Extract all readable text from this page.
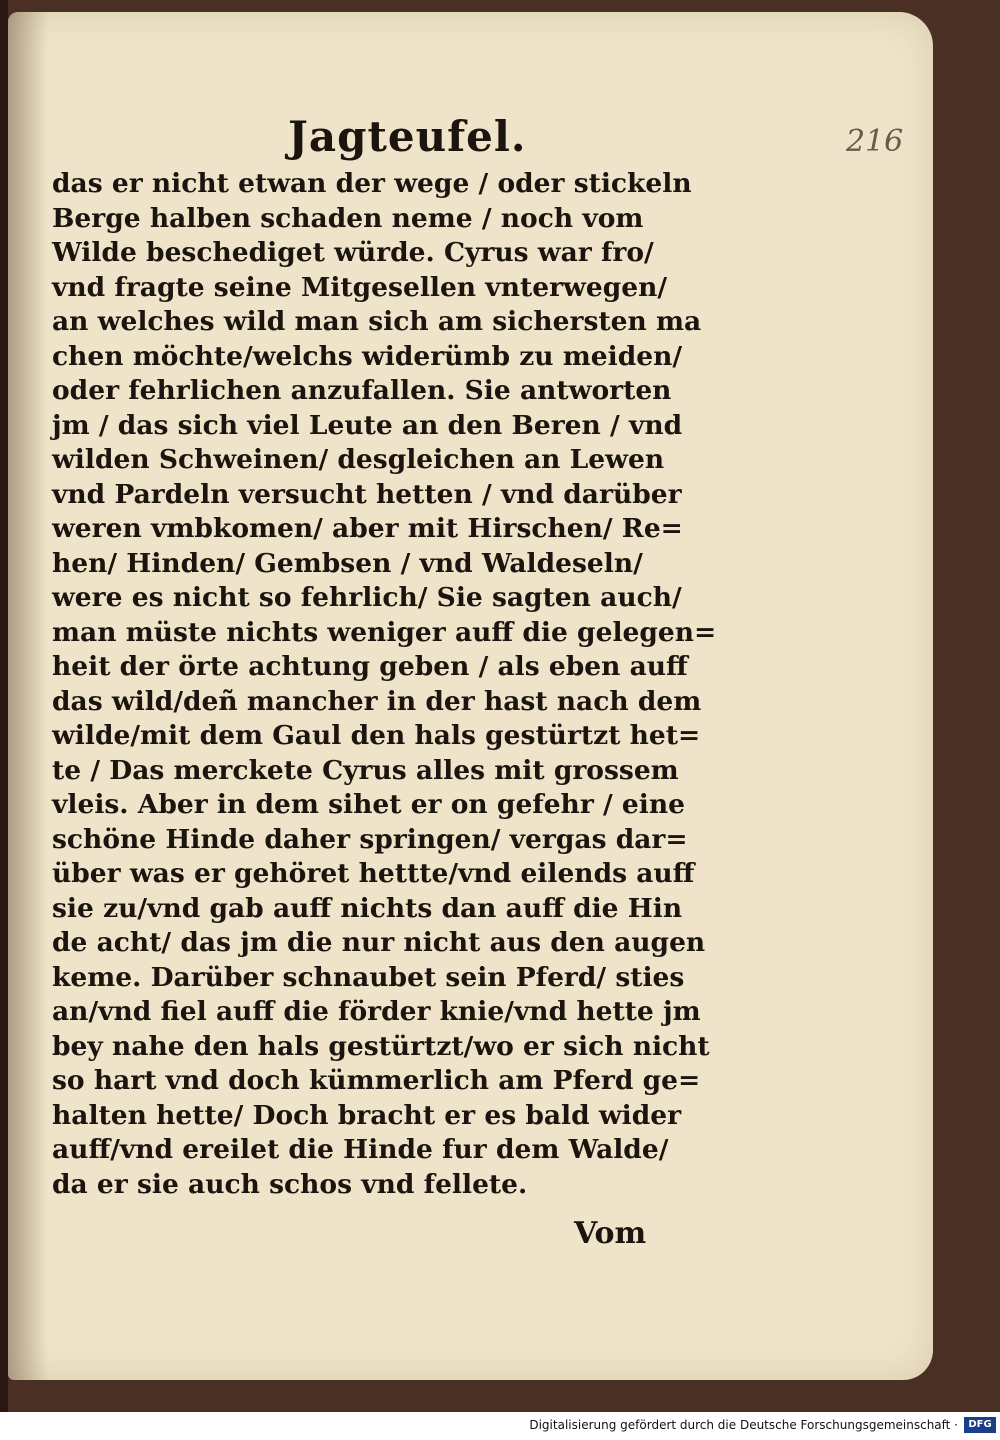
Jagteufel.	216
das er nicht etwan der wege / oder stickeln
Berge halben schaden neme / noch vom
Wilde beschediget würde. Cyrus war fro/
vnd fragte seine Mitgesellen vnterwegen/
an welches wild man sich am sichersten ma
chen möchte/welchs widerümb zu meiden/
oder fehrlichen anzufallen. Sie antworten
jm / das sich viel Leute an den Beren / vnd
wilden Schweinen/ desgleichen an Lewen
vnd Pardeln versucht hetten / vnd darüber
weren vmbkomen/ aber mit Hirschen/ Re=
hen/ Hinden/ Gembsen / vnd Waldeseln/
were es nicht so fehrlich/ Sie sagten auch/
man müste nichts weniger auff die gelegen=
heit der örte achtung geben / als eben auff
das wild/deñ mancher in der hast nach dem
wilde/mit dem Gaul den hals gestürtzt het=
te / Das merckete Cyrus alles mit grossem
vleis. Aber in dem sihet er on gefehr / eine
schöne Hinde daher springen/ vergas dar=
über was er gehöret hettte/vnd eilends auff
sie zu/vnd gab auff nichts dan auff die Hin
de acht/ das jm die nur nicht aus den augen
keme. Darüber schnaubet sein Pferd/ sties
an/vnd fiel auff die förder knie/vnd hette jm
bey nahe den hals gestürtzt/wo er sich nicht
so hart vnd doch kümmerlich am Pferd ge=
halten hette/ Doch bracht er es bald wider
auff/vnd ereilet die Hinde fur dem Walde/
da er sie auch schos vnd fellete.
Vom
Digitalisierung gefördert durch die Deutsche Forschungsgemeinschaft ·	DFG
